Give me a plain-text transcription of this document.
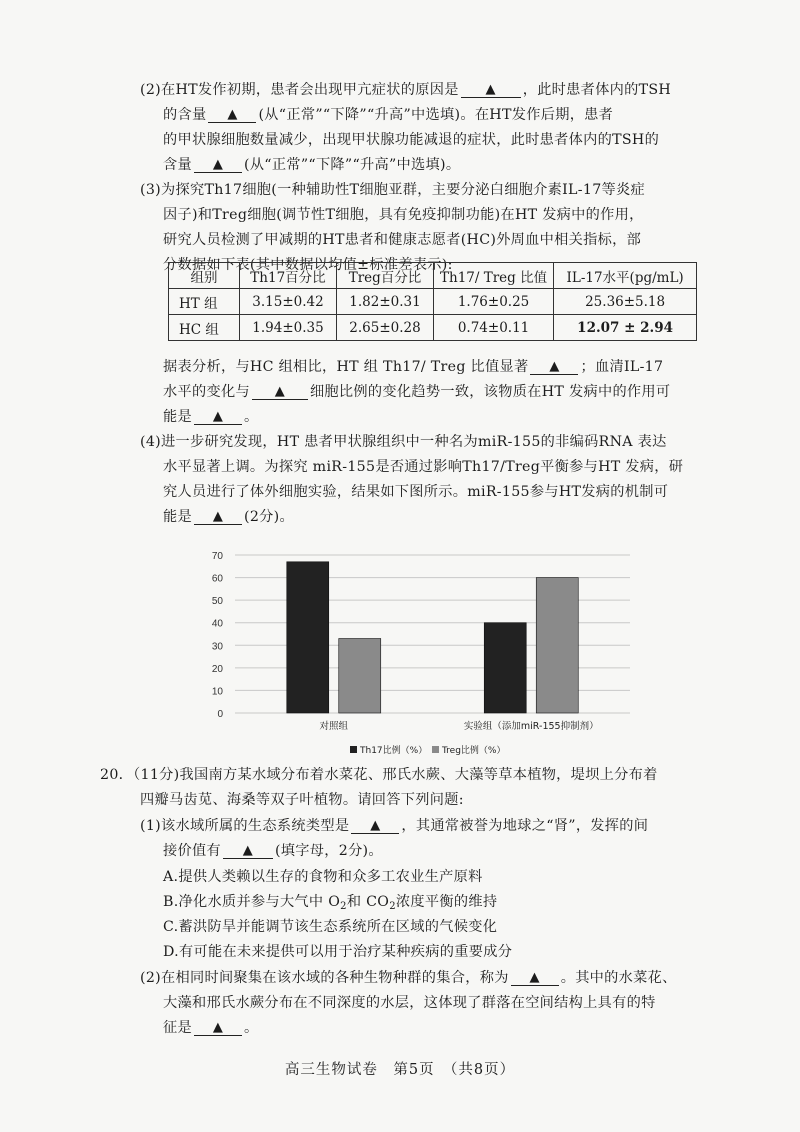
(2)在HT发作初期，患者会出现甲亢症状的原因是 ▲ ，此时患者体内的TSH
的含量 ▲ (从“正常”“下降”“升高”中选填)。在HT发作后期，患者
的甲状腺细胞数量减少，出现甲状腺功能减退的症状，此时患者体内的TSH的
含量 ▲ (从“正常”“下降”“升高”中选填)。
(3)为探究Th17细胞(一种辅助性T细胞亚群，主要分泌白细胞介素IL-17等炎症
因子)和Treg细胞(调节性T细胞，具有免疫抑制功能)在HT 发病中的作用，
研究人员检测了甲减期的HT患者和健康志愿者(HC)外周血中相关指标，部
分数据如下表(其中数据以均值±标准差表示):
组别	Th17百分比	Treg百分比	Th17/ Treg 比值	IL-17水平(pg/mL)
HT 组	3.15±0.42	1.82±0.31	1.76±0.25	25.36±5.18
HC 组	1.94±0.35	2.65±0.28	0.74±0.11	12.07 ± 2.94
据表分析，与HC 组相比，HT 组 Th17/ Treg 比值显著 ▲ ；血清IL-17
水平的变化与 ▲ 细胞比例的变化趋势一致，该物质在HT 发病中的作用可
能是 ▲ 。
(4)进一步研究发现，HT 患者甲状腺组织中一种名为miR-155的非编码RNA 表达
水平显著上调。为探究 miR-155是否通过影响Th17/Treg平衡参与HT 发病，研
究人员进行了体外细胞实验，结果如下图所示。miR-155参与HT发病的机制可
能是 ▲ (2分)。
0
10
20
30
40
50
60
70
对照组	实验组（添加miR-155抑制剂）
Th17比例（%） Treg比例（%）
20．（11分)我国南方某水域分布着水菜花、邢氏水蕨、大藻等草本植物，堤坝上分布着
四瓣马齿苋、海桑等双子叶植物。请回答下列问题:
(1)该水域所属的生态系统类型是 ▲ ，其通常被誉为地球之“肾”，发挥的间
接价值有 ▲ (填字母，2分)。
A.提供人类赖以生存的食物和众多工农业生产原料
B.净化水质并参与大气中 $O_2$和 $CO_2$浓度平衡的维持
C.蓄洪防旱并能调节该生态系统所在区域的气候变化
D.有可能在未来提供可以用于治疗某种疾病的重要成分
(2)在相同时间聚集在该水域的各种生物种群的集合，称为 ▲ 。其中的水菜花、
大藻和邢氏水蕨分布在不同深度的水层，这体现了群落在空间结构上具有的特
征是 ▲ 。
高三生物试卷　第5页　（共8页）
